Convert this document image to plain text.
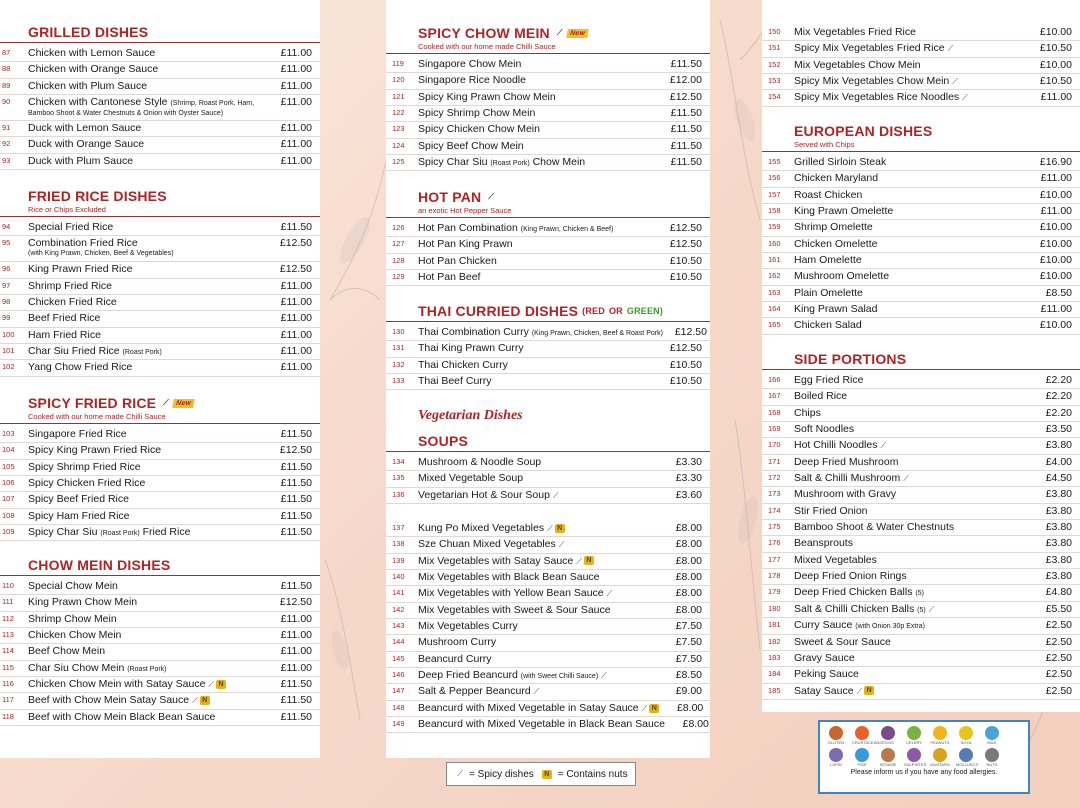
GRILLED DISHES
87	Chicken with Lemon Sauce	£11.00
88	Chicken with Orange Sauce	£11.00
89	Chicken with Plum Sauce	£11.00
90	Chicken with Cantonese Style (Shrimp, Roast Pork, Ham,
Bamboo Shoot & Water Chestnuts & Onion with Oyster Sauce)
£11.00
91	Duck with Lemon Sauce	£11.00
92	Duck with Orange Sauce	£11.00
93	Duck with Plum Sauce	£11.00
FRIED RICE DISHES
Rice or Chips Excluded
94	Special Fried Rice	£11.50
95	Combination Fried Rice
(with King Prawn, Chicken, Beef & Vegetables)
£12.50
96	King Prawn Fried Rice	£12.50
97	Shrimp Fried Rice	£11.00
98	Chicken Fried Rice	£11.00
99	Beef Fried Rice	£11.00
100	Ham Fried Rice	£11.00
101	Char Siu Fried Rice (Roast Pork)	£11.00
102	Yang Chow Fried Rice	£11.00
SPICY FRIED RICE ⟋ New
Cooked with our home made Chilli Sauce
103	Singapore Fried Rice	£11.50
104	Spicy King Prawn Fried Rice	£12.50
105	Spicy Shrimp Fried Rice	£11.50
106	Spicy Chicken Fried Rice	£11.50
107	Spicy Beef Fried Rice	£11.50
108	Spicy Ham Fried Rice	£11.50
109	Spicy Char Siu (Roast Pork) Fried Rice	£11.50
CHOW MEIN DISHES
110	Special Chow Mein	£11.50
111	King Prawn Chow Mein	£12.50
112	Shrimp Chow Mein	£11.00
113	Chicken Chow Mein	£11.00
114	Beef Chow Mein	£11.00
115	Char Siu Chow Mein (Roast Pork)	£11.00
116	Chicken Chow Mein with Satay Sauce ⟋ N	£11.50
117	Beef with Chow Mein Satay Sauce ⟋ N	£11.50
118	Beef with Chow Mein Black Bean Sauce	£11.50
SPICY CHOW MEIN ⟋ New
Cooked with our home made Chilli Sauce
119	Singapore Chow Mein	£11.50
120	Singapore Rice Noodle	£12.00
121	Spicy King Prawn Chow Mein	£12.50
122	Spicy Shrimp Chow Mein	£11.50
123	Spicy Chicken Chow Mein	£11.50
124	Spicy Beef Chow Mein	£11.50
125	Spicy Char Siu (Roast Pork) Chow Mein	£11.50
HOT PAN ⟋
an exotic Hot Pepper Sauce
126	Hot Pan Combination (King Prawn, Chicken & Beef)	£12.50
127	Hot Pan King Prawn	£12.50
128	Hot Pan Chicken	£10.50
129	Hot Pan Beef	£10.50
THAI CURRIED DISHES (RED OR GREEN)
130	Thai Combination Curry (King Prawn, Chicken, Beef & Roast Pork)	£12.50
131	Thai King Prawn Curry	£12.50
132	Thai Chicken Curry	£10.50
133	Thai Beef Curry	£10.50
Vegetarian Dishes
SOUPS
134	Mushroom & Noodle Soup	£3.30
135	Mixed Vegetable Soup	£3.30
136	Vegetarian Hot & Sour Soup ⟋	£3.60
137	Kung Po Mixed Vegetables ⟋ N	£8.00
138	Sze Chuan Mixed Vegetables ⟋	£8.00
139	Mix Vegetables with Satay Sauce ⟋ N	£8.00
140	Mix Vegetables with Black Bean Sauce	£8.00
141	Mix Vegetables with Yellow Bean Sauce ⟋	£8.00
142	Mix Vegetables with Sweet & Sour Sauce	£8.00
143	Mix Vegetables Curry	£7.50
144	Mushroom Curry	£7.50
145	Beancurd Curry	£7.50
146	Deep Fried Beancurd (with Sweet Chilli Sauce) ⟋	£8.50
147	Salt & Pepper Beancurd ⟋	£9.00
148	Beancurd with Mixed Vegetable in Satay Sauce ⟋ N	£8.00
149	Beancurd with Mixed Vegetable in Black Bean Sauce	£8.00
150	Mix Vegetables Fried Rice	£10.00
151	Spicy Mix Vegetables Fried Rice ⟋	£10.50
152	Mix Vegetables Chow Mein	£10.00
153	Spicy Mix Vegetables Chow Mein ⟋	£10.50
154	Spicy Mix Vegetables Rice Noodles ⟋	£11.00
EUROPEAN DISHES
Served with Chips
155	Grilled Sirloin Steak	£16.90
156	Chicken Maryland	£11.00
157	Roast Chicken	£10.00
158	King Prawn Omelette	£11.00
159	Shrimp Omelette	£10.00
160	Chicken Omelette	£10.00
161	Ham Omelette	£10.00
162	Mushroom Omelette	£10.00
163	Plain Omelette	£8.50
164	King Prawn Salad	£11.00
165	Chicken Salad	£10.00
SIDE PORTIONS
166	Egg Fried Rice	£2.20
167	Boiled Rice	£2.20
168	Chips	£2.20
169	Soft Noodles	£3.50
170	Hot Chilli Noodles ⟋	£3.80
171	Deep Fried Mushroom	£4.00
172	Salt & Chilli Mushroom ⟋	£4.50
173	Mushroom with Gravy	£3.80
174	Stir Fried Onion	£3.80
175	Bamboo Shoot & Water Chestnuts	£3.80
176	Beansprouts	£3.80
177	Mixed Vegetables	£3.80
178	Deep Fried Onion Rings	£3.80
179	Deep Fried Chicken Balls (5)	£4.80
180	Salt & Chilli Chicken Balls (5) ⟋	£5.50
181	Curry Sauce (with Onion 30p Extra)	£2.50
182	Sweet & Sour Sauce	£2.50
183	Gravy Sauce	£2.50
184	Peking Sauce	£2.50
185	Satay Sauce ⟋ N	£2.50
⟋ = Spicy dishes	N = Contains nuts
GLUTEN	CRUSTACEANS EGGS	CELERY	PEANUTS	SOYA	MILK
LUPIN	FISH	SESAME	SULPHITES MUSTARD MOLLUSCS	NUTS
Please inform us if you have any food allergies.
